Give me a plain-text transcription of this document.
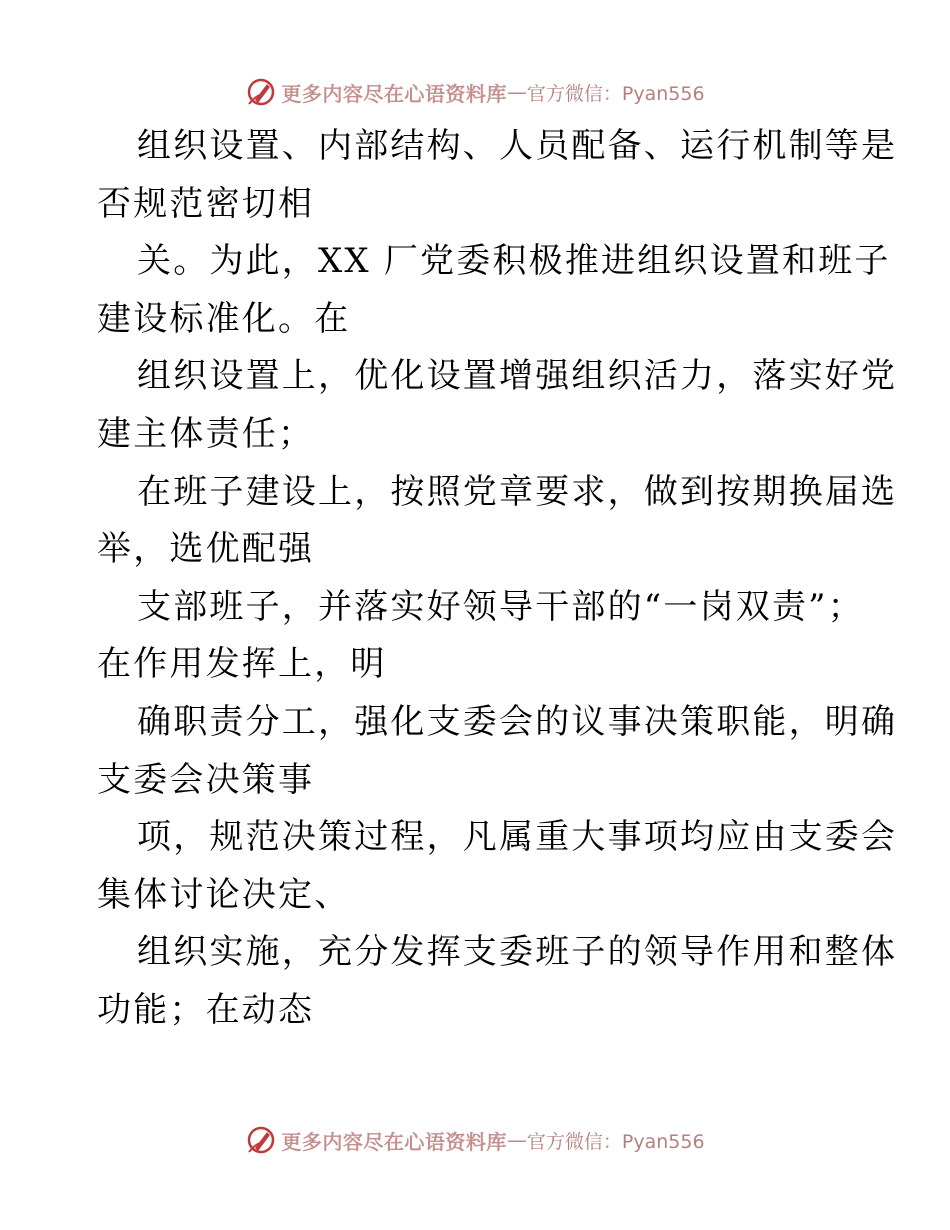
更多内容尽在心语资料库 — 官方微信：Pyan556
组织设置、内部结构、人员配备、运行机制等是
否规范密切相
关。为此，XX 厂党委积极推进组织设置和班子
建设标准化。在
组织设置上，优化设置增强组织活力，落实好党
建主体责任；
在班子建设上，按照党章要求，做到按期换届选
举，选优配强
支部班子，并落实好领导干部的“一岗双责”；
在作用发挥上，明
确职责分工，强化支委会的议事决策职能，明确
支委会决策事
项，规范决策过程，凡属重大事项均应由支委会
集体讨论决定、
组织实施，充分发挥支委班子的领导作用和整体
功能；在动态
更多内容尽在心语资料库 — 官方微信：Pyan556
